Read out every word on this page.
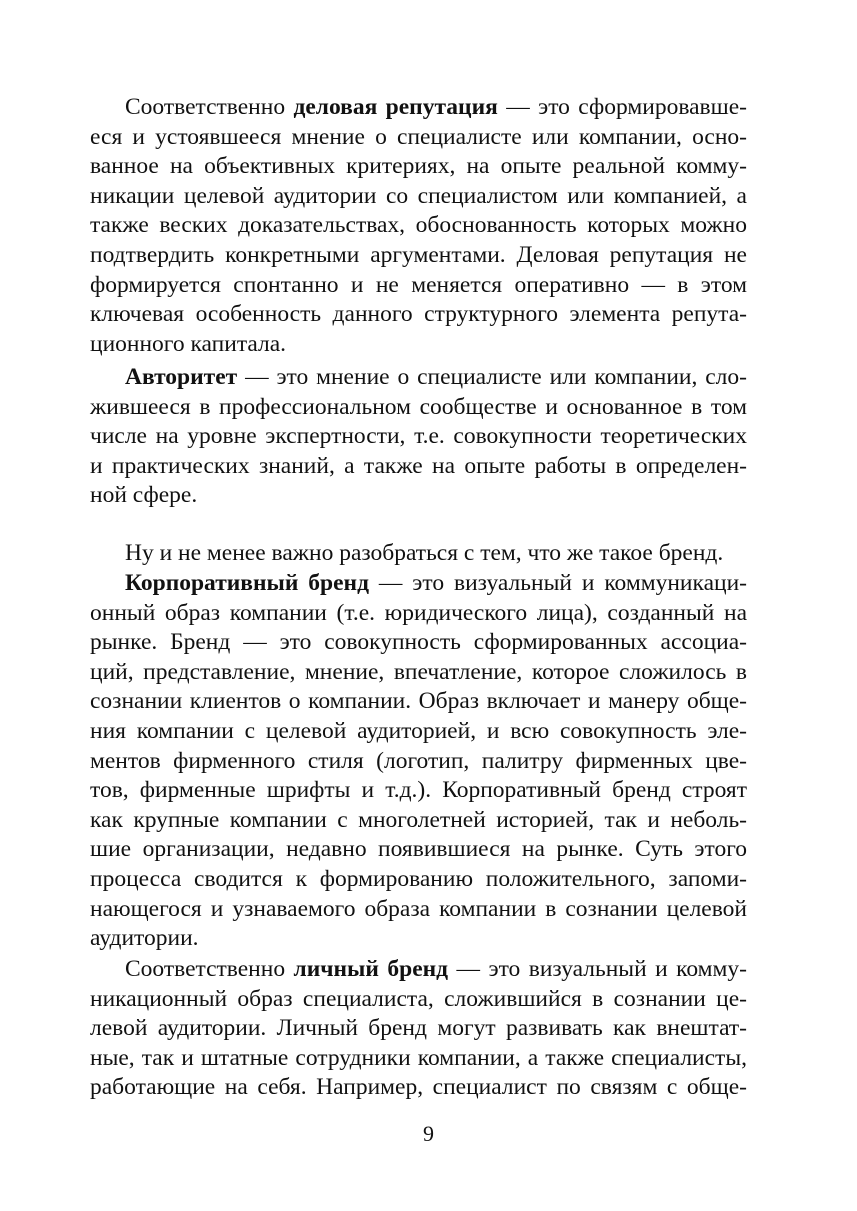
Соответственно деловая репутация — это сформировавше-
еся и устоявшееся мнение о специалисте или компании, осно-
ванное на объективных критериях, на опыте реальной комму-
никации целевой аудитории со специалистом или компанией, а
также веских доказательствах, обоснованность которых можно
подтвердить конкретными аргументами. Деловая репутация не
формируется спонтанно и не меняется оперативно — в этом
ключевая особенность данного структурного элемента репута-
ционного капитала.
Авторитет — это мнение о специалисте или компании, сло-
жившееся в профессиональном сообществе и основанное в том
числе на уровне экспертности, т.е. совокупности теоретических
и практических знаний, а также на опыте работы в определен-
ной сфере.
Ну и не менее важно разобраться с тем, что же такое бренд.
Корпоративный бренд — это визуальный и коммуникаци-
онный образ компании (т.е. юридического лица), созданный на
рынке. Бренд — это совокупность сформированных ассоциа-
ций, представление, мнение, впечатление, которое сложилось в
сознании клиентов о компании. Образ включает и манеру обще-
ния компании с целевой аудиторией, и всю совокупность эле-
ментов фирменного стиля (логотип, палитру фирменных цве-
тов, фирменные шрифты и т.д.). Корпоративный бренд строят
как крупные компании с многолетней историей, так и неболь-
шие организации, недавно появившиеся на рынке. Суть этого
процесса сводится к формированию положительного, запоми-
нающегося и узнаваемого образа компании в сознании целевой
аудитории.
Соответственно личный бренд — это визуальный и комму-
никационный образ специалиста, сложившийся в сознании це-
левой аудитории. Личный бренд могут развивать как внештат-
ные, так и штатные сотрудники компании, а также специалисты,
работающие на себя. Например, специалист по связям с обще-
9
